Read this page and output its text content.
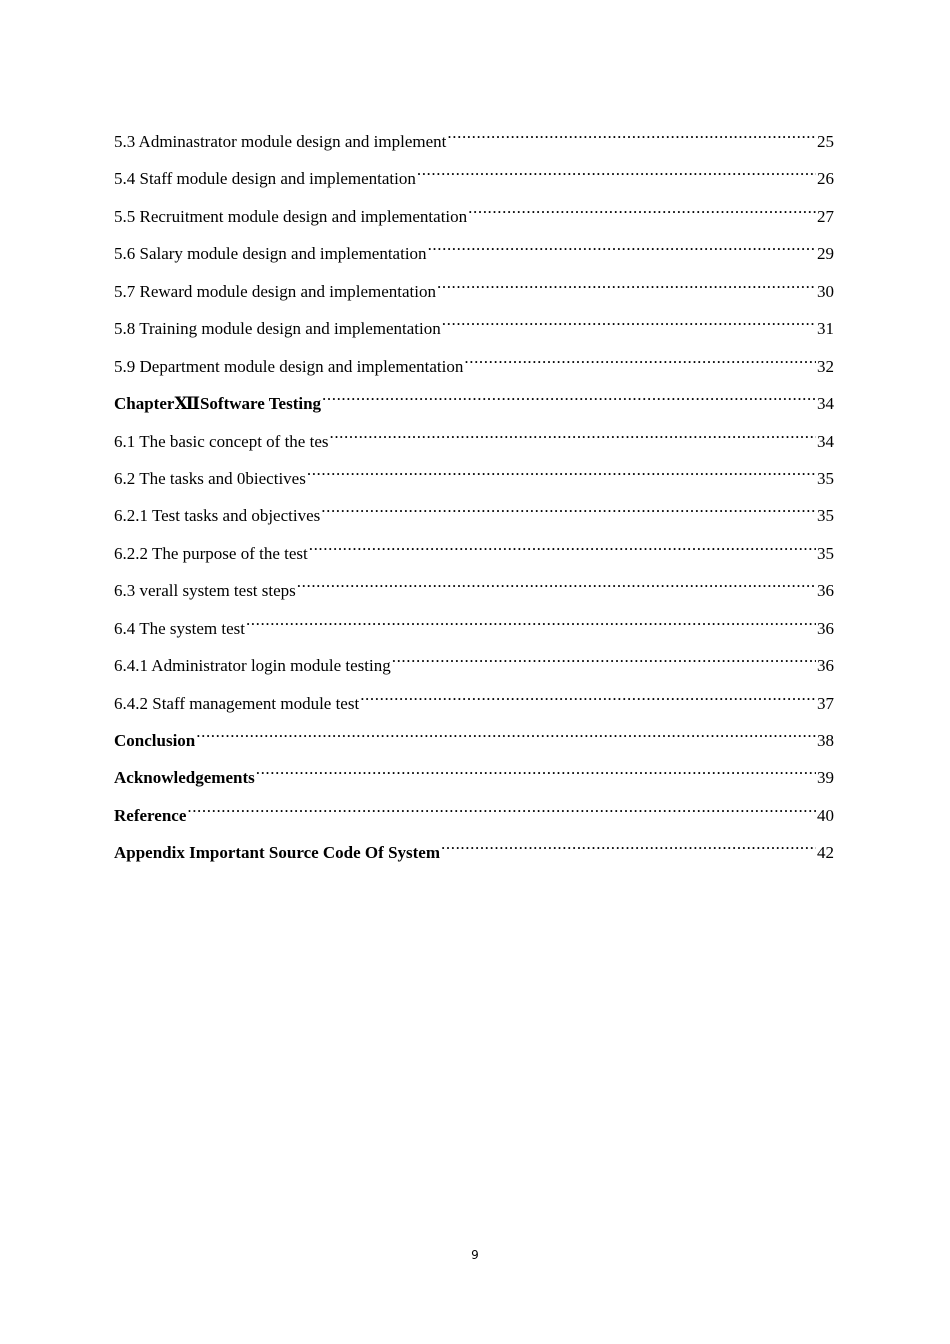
5.3 Adminastrator module design and implement .....	25
5.4 Staff module design and implementation .....	26
5.5 Recruitment module design and implementation .....	27
5.6 Salary module design and implementation .....	29
5.7 Reward module design and implementation .....	30
5.8 Training module design and implementation .....	31
5.9 Department module design and implementation .....	32
ChapterⅫSoftware Testing .....	34
6.1 The basic concept of the tes .....	34
6.2 The tasks and 0biectives .....	35
6.2.1 Test tasks and objectives .....	35
6.2.2 The purpose of the test .....	35
6.3 verall system test steps .....	36
6.4 The system test .....	36
6.4.1 Administrator login module testing .....	36
6.4.2 Staff management module test .....	37
Conclusion .....	38
Acknowledgements .....	39
Reference .....	40
Appendix Important Source Code Of System .....	42
9
